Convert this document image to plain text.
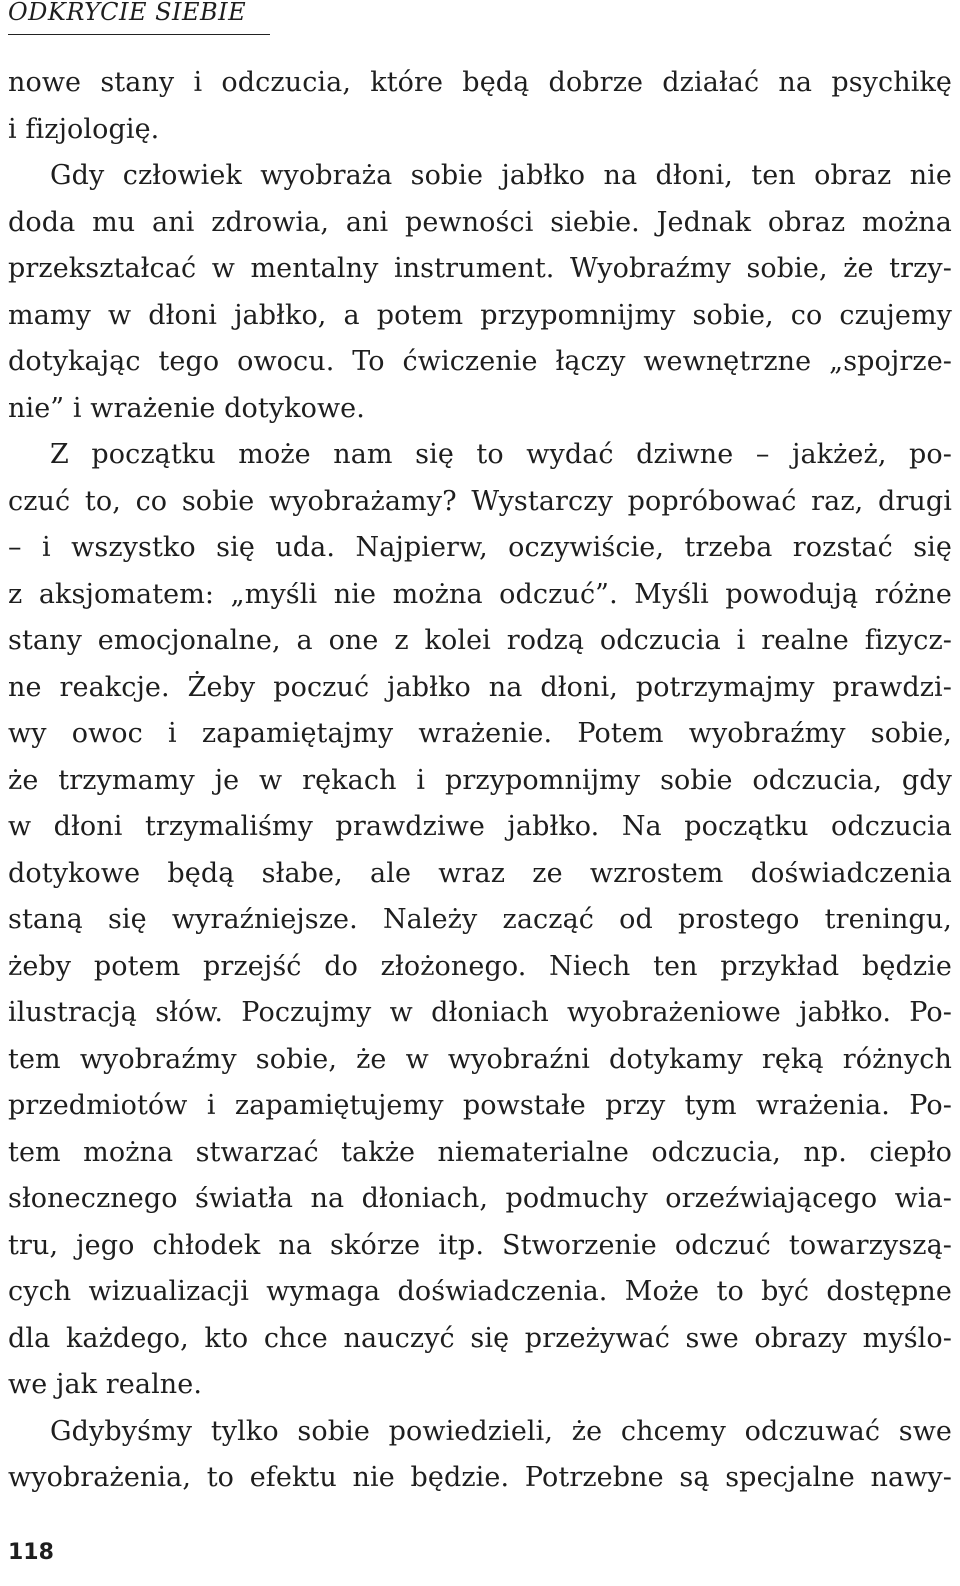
ODKRYCIE SIEBIE
nowe stany i odczucia, które będą dobrze działać na psychikę
i fizjologię.
Gdy człowiek wyobraża sobie jabłko na dłoni, ten obraz nie
doda mu ani zdrowia, ani pewności siebie. Jednak obraz można
przekształcać w mentalny instrument. Wyobraźmy sobie, że trzy-
mamy w dłoni jabłko, a potem przypomnijmy sobie, co czujemy
dotykając tego owocu. To ćwiczenie łączy wewnętrzne „spojrze-
nie” i wrażenie dotykowe.
Z początku może nam się to wydać dziwne – jakżeż, po-
czuć to, co sobie wyobrażamy? Wystarczy popróbować raz, drugi
– i wszystko się uda. Najpierw, oczywiście, trzeba rozstać się
z aksjomatem: „myśli nie można odczuć”. Myśli powodują różne
stany emocjonalne, a one z kolei rodzą odczucia i realne fizycz-
ne reakcje. Żeby poczuć jabłko na dłoni, potrzymajmy prawdzi-
wy owoc i zapamiętajmy wrażenie. Potem wyobraźmy sobie,
że trzymamy je w rękach i przypomnijmy sobie odczucia, gdy
w dłoni trzymaliśmy prawdziwe jabłko. Na początku odczucia
dotykowe będą słabe, ale wraz ze wzrostem doświadczenia
staną się wyraźniejsze. Należy zacząć od prostego treningu,
żeby potem przejść do złożonego. Niech ten przykład będzie
ilustracją słów. Poczujmy w dłoniach wyobrażeniowe jabłko. Po-
tem wyobraźmy sobie, że w wyobraźni dotykamy ręką różnych
przedmiotów i zapamiętujemy powstałe przy tym wrażenia. Po-
tem można stwarzać także niematerialne odczucia, np. ciepło
słonecznego światła na dłoniach, podmuchy orzeźwiającego wia-
tru, jego chłodek na skórze itp. Stworzenie odczuć towarzyszą-
cych wizualizacji wymaga doświadczenia. Może to być dostępne
dla każdego, kto chce nauczyć się przeżywać swe obrazy myślo-
we jak realne.
Gdybyśmy tylko sobie powiedzieli, że chcemy odczuwać swe
wyobrażenia, to efektu nie będzie. Potrzebne są specjalne nawy-
118
